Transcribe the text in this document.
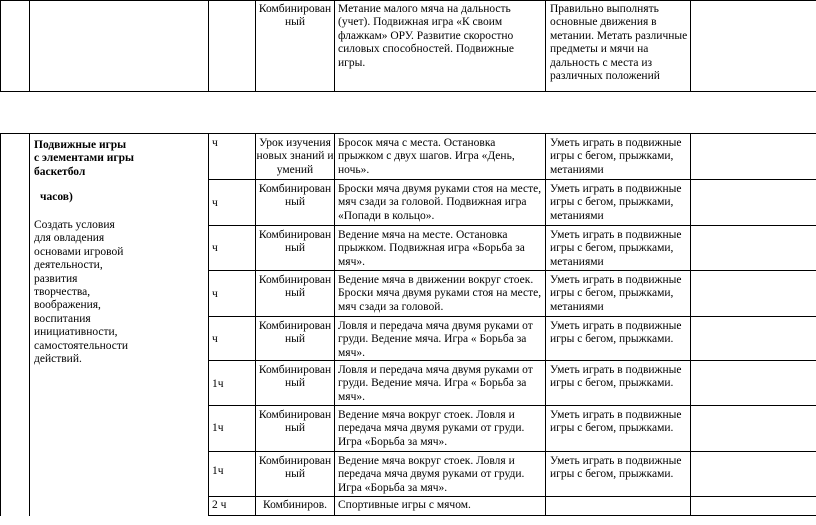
Комбинирован ный
Метание малого мяча на дальность (учет). Подвижная игра «К своим флажкам» ОРУ. Развитие скоростно силовых способностей. Подвижные игры.
Правильно выполнять основные движения в метании. Метать различные предметы и мячи на дальность с места из различных положений
Подвижные игры с элементами игры баскетбол
часов)
Создать условия для овладения основами игровой деятельности, развития творчества, воображения, воспитания инициативности, самостоятельности действий.
ч	Урок изучения новых знаний и умений
Бросок мяча с места. Остановка прыжком с двух шагов. Игра «День, ночь».
Уметь играть в подвижные игры с бегом, прыжками, метаниями
ч
Комбинирован ный
Броски мяча двумя руками стоя на месте, мяч сзади за головой. Подвижная игра «Попади в кольцо».
Уметь играть в подвижные игры с бегом, прыжками, метаниями
ч
Комбинирован ный
Ведение мяча на месте. Остановка прыжком. Подвижная игра «Борьба за мяч».
Уметь играть в подвижные игры с бегом, прыжками, метаниями
ч
Комбинирован ный
Ведение мяча в движении вокруг стоек. Броски мяча двумя руками стоя на месте, мяч сзади за головой.
Уметь играть в подвижные игры с бегом, прыжками, метаниями
ч
Комбинирован ный
Ловля и передача мяча двумя руками от груди. Ведение мяча. Игра « Борьба за мяч».
Уметь играть в подвижные игры с бегом, прыжками.
1ч
Комбинирован ный
Ловля и передача мяча двумя руками от груди. Ведение мяча. Игра « Борьба за мяч».
Уметь играть в подвижные игры с бегом, прыжками.
1ч
Комбинирован ный
Ведение мяча вокруг стоек. Ловля и передача мяча двумя руками от груди. Игра «Борьба за мяч».
Уметь играть в подвижные игры с бегом, прыжками.
1ч
Комбинирован ный
Ведение мяча вокруг стоек. Ловля и передача мяча двумя руками от груди. Игра «Борьба за мяч».
Уметь играть в подвижные игры с бегом, прыжками.
2 ч	Комбиниров. Спортивные игры с мячом.
